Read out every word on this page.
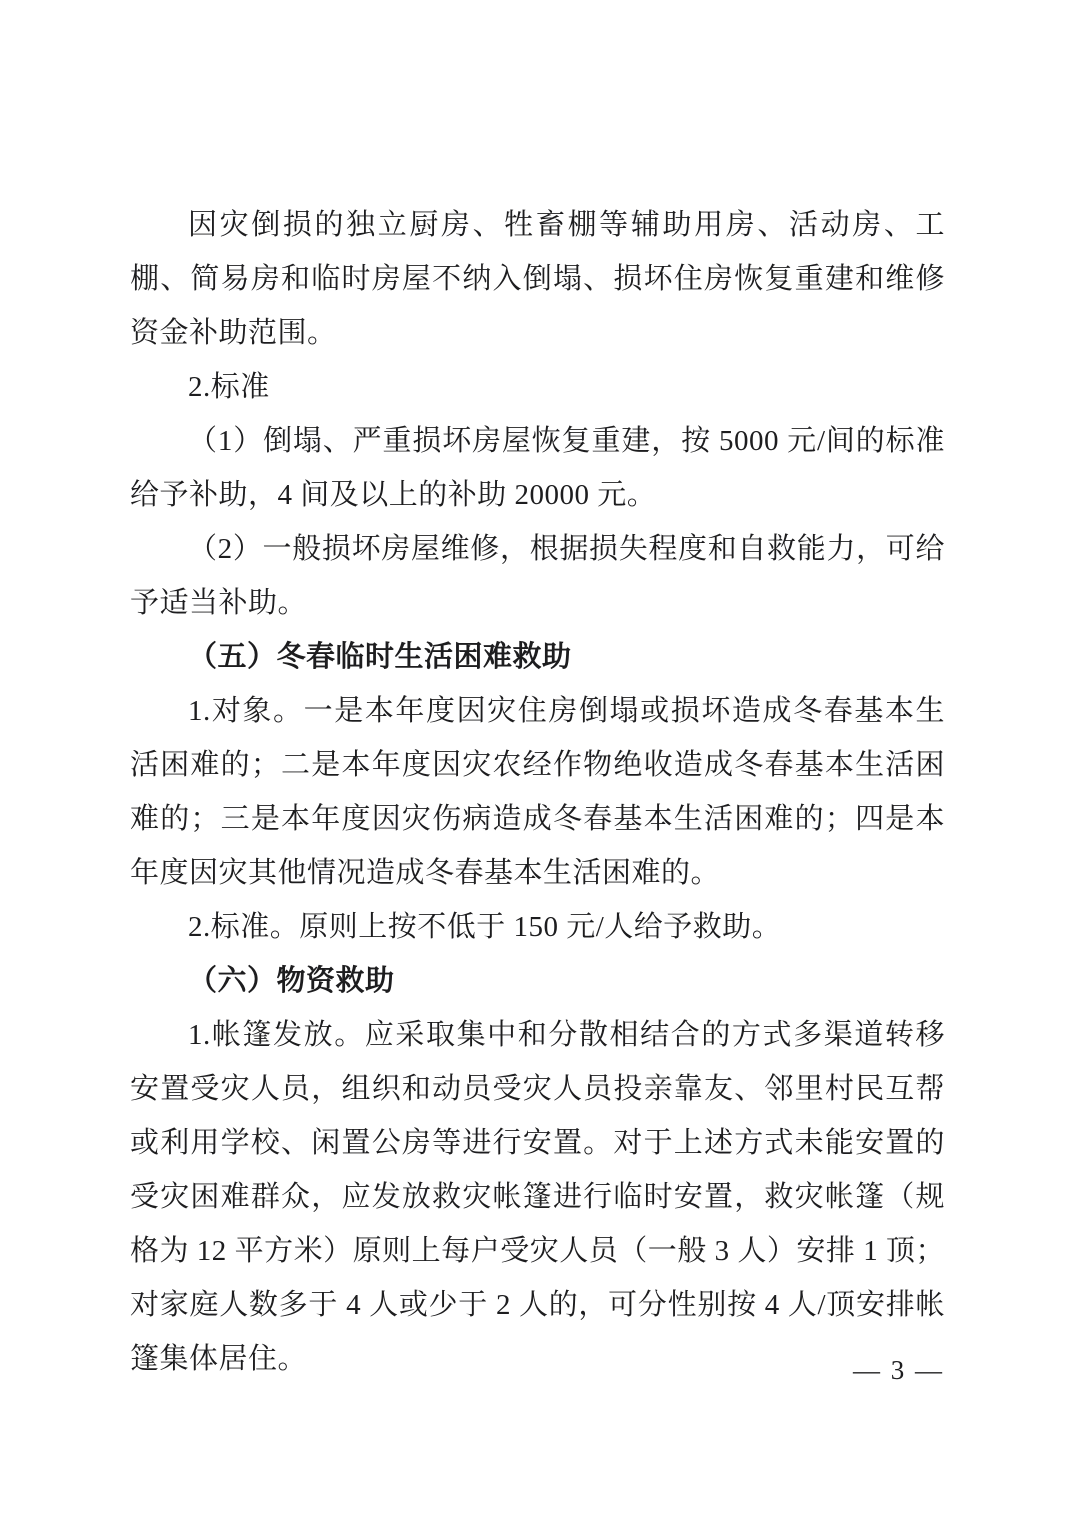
因灾倒损的独立厨房、牲畜棚等辅助用房、活动房、工棚、简易房和临时房屋不纳入倒塌、损坏住房恢复重建和维修资金补助范围。

2.标准

（1）倒塌、严重损坏房屋恢复重建，按 5000 元/间的标准给予补助，4 间及以上的补助 20000 元。

（2）一般损坏房屋维修，根据损失程度和自救能力，可给予适当补助。

（五）冬春临时生活困难救助

1.对象。一是本年度因灾住房倒塌或损坏造成冬春基本生活困难的；二是本年度因灾农经作物绝收造成冬春基本生活困难的；三是本年度因灾伤病造成冬春基本生活困难的；四是本年度因灾其他情况造成冬春基本生活困难的。

2.标准。原则上按不低于 150 元/人给予救助。

（六）物资救助

1.帐篷发放。应采取集中和分散相结合的方式多渠道转移安置受灾人员，组织和动员受灾人员投亲靠友、邻里村民互帮或利用学校、闲置公房等进行安置。对于上述方式未能安置的受灾困难群众，应发放救灾帐篷进行临时安置，救灾帐篷（规格为 12 平方米）原则上每户受灾人员（一般 3 人）安排 1 顶；对家庭人数多于 4 人或少于 2 人的，可分性别按 4 人/顶安排帐篷集体居住。	— 3 —
